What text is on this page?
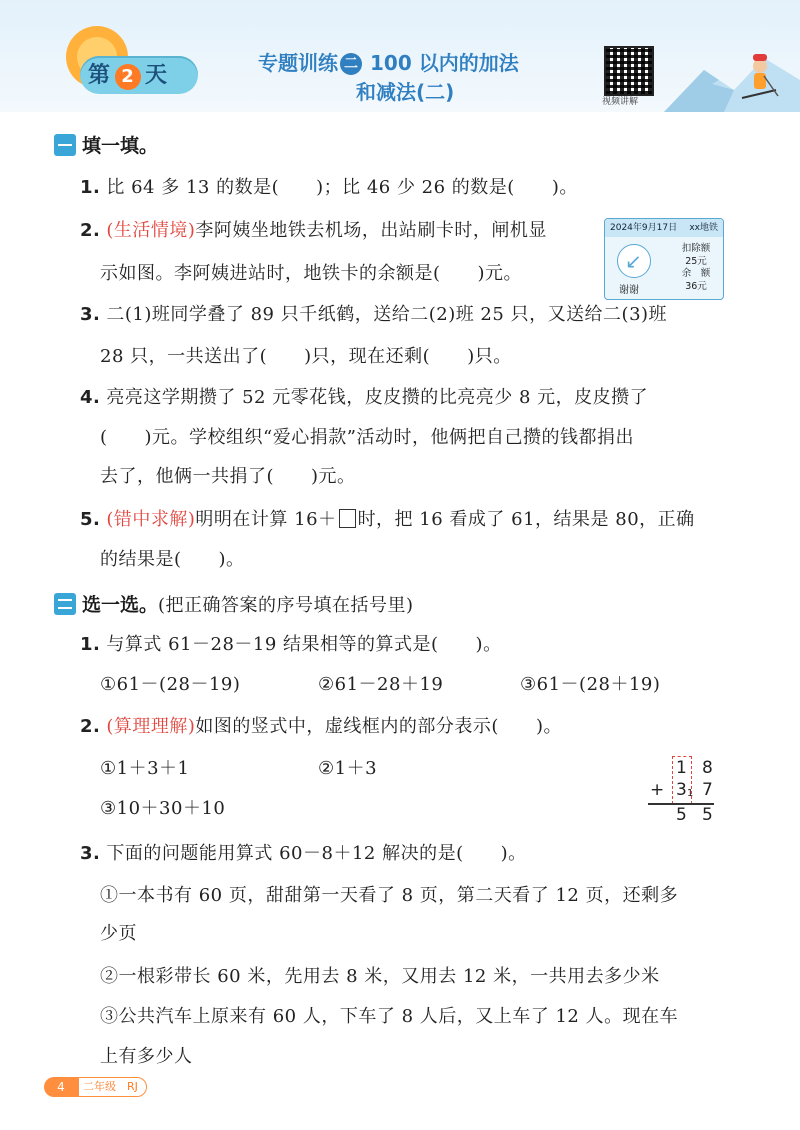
第 2 天	专题训练 二 100 以内的加法
和减法(二)	视频讲解
填一填。
1. 比 64 多 13 的数是(　　)；比 46 少 26 的数是(　　)。
2. (生活情境)李阿姨坐地铁去机场，出站刷卡时，闸机显
示如图。李阿姨进站时，地铁卡的余额是(　　)元。
2024年9月17日 xx地铁
↙
谢谢
扣除额
25元
余　额
36元
3. 二(1)班同学叠了 89 只千纸鹤，送给二(2)班 25 只，又送给二(3)班
28 只，一共送出了(　　)只，现在还剩(　　)只。
4. 亮亮这学期攒了 52 元零花钱，皮皮攒的比亮亮少 8 元，皮皮攒了
(　　)元。学校组织“爱心捐款”活动时，他俩把自己攒的钱都捐出
去了，他俩一共捐了(　　)元。
5. (错中求解)明明在计算 16＋ 时，把 16 看成了 61，结果是 80，正确
的结果是(　　)。
选一选。(把正确答案的序号填在括号里)
1. 与算式 61－28－19 结果相等的算式是(　　)。
①61－(28－19)	②61－28＋19	③61－(28＋19)
2. (算理理解)如图的竖式中，虚线框内的部分表示(　　)。
①1＋3＋1	②1＋3
③10＋30＋10
1 8
+ 3 1 7
5 5
3. 下面的问题能用算式 60－8＋12 解决的是(　　)。
①一本书有 60 页，甜甜第一天看了 8 页，第二天看了 12 页，还剩多
少页
②一根彩带长 60 米，先用去 8 米，又用去 12 米，一共用去多少米
③公共汽车上原来有 60 人，下车了 8 人后，又上车了 12 人。现在车
上有多少人
4 二年级　RJ
